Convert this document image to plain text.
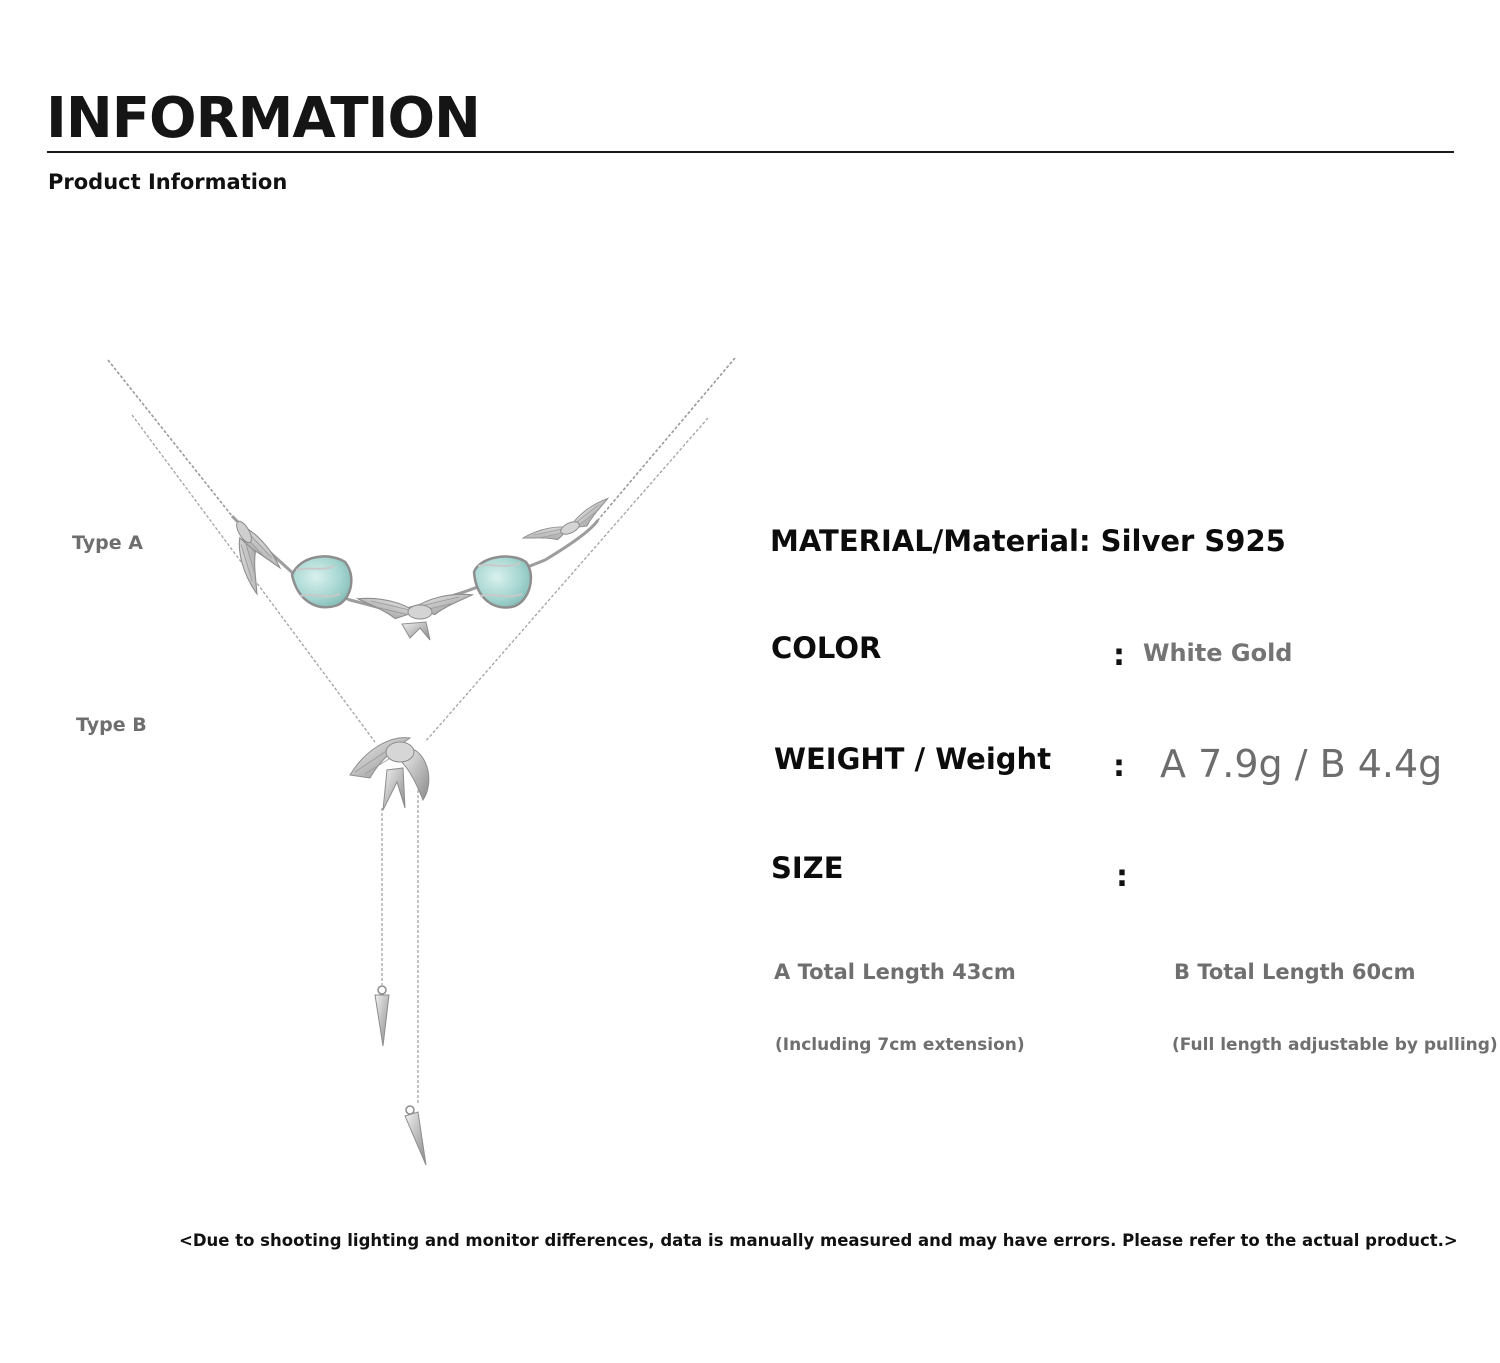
INFORMATION
Product Information
Type A
Type B
MATERIAL/Material: Silver S925
COLOR	: White Gold
WEIGHT / Weight : A 7.9g / B 4.4g
SIZE	:
A Total Length 43cm
(Including 7cm extension)
B Total Length 60cm
(Full length adjustable by pulling)
<Due to shooting lighting and monitor differences, data is manually measured and may have errors. Please refer to the actual product.>
